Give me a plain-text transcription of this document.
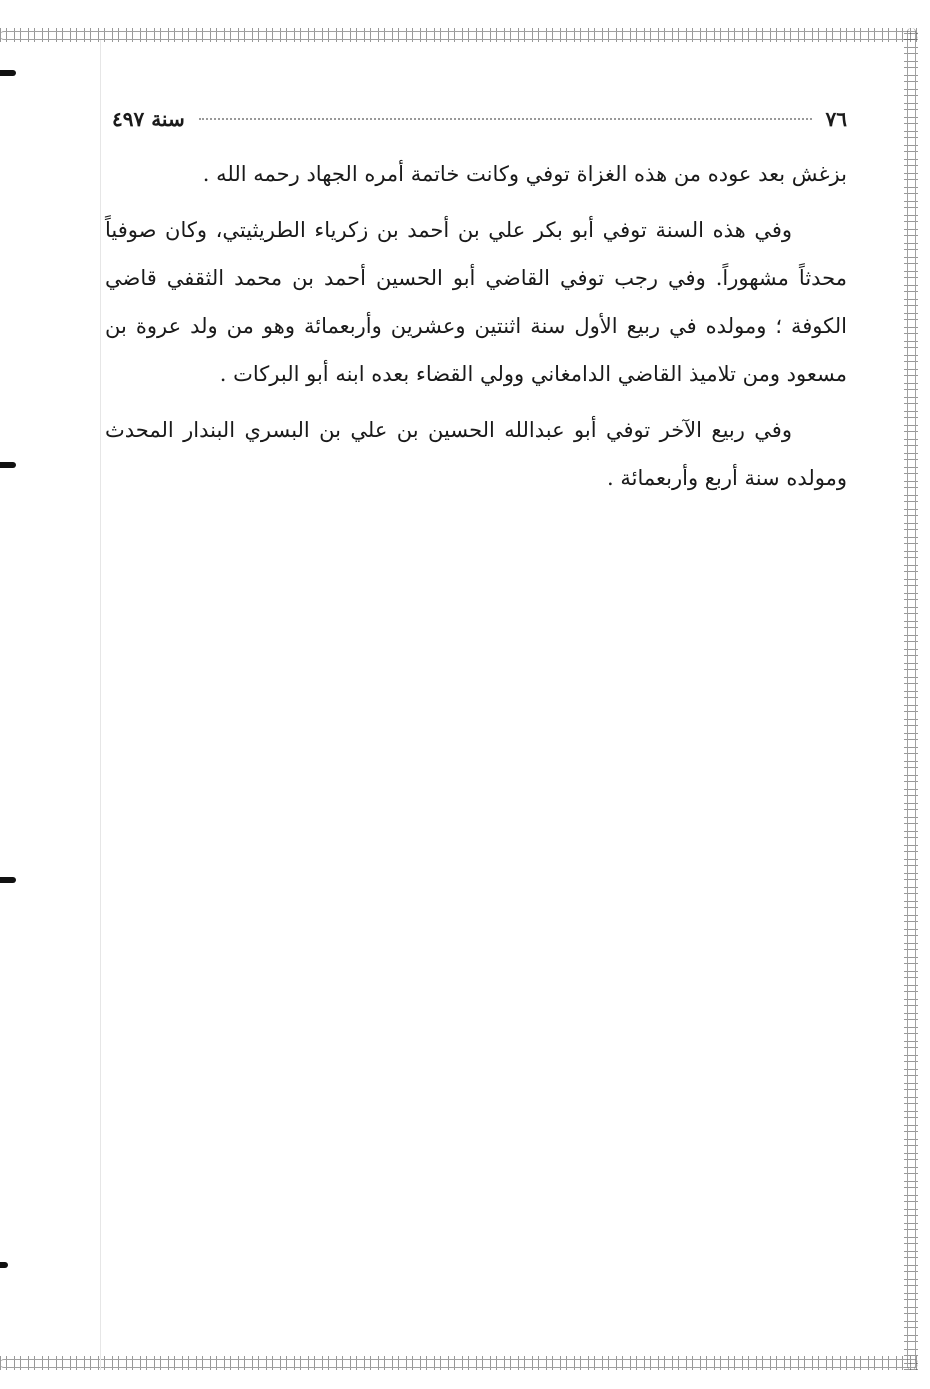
٧٦
سنة ٤٩٧

بزغش بعد عوده من هذه الغزاة توفي وكانت خاتمة أمره الجهاد رحمه الله .

وفي هذه السنة توفي أبو بكر علي بن أحمد بن زكرياء الطريثيتي، وكان صوفياً محدثاً مشهوراً. وفي رجب توفي القاضي أبو الحسين أحمد بن محمد الثقفي قاضي الكوفة ؛ ومولده في ربيع الأول سنة اثنتين وعشرين وأربعمائة وهو من ولد عروة بن مسعود ومن تلاميذ القاضي الدامغاني وولي القضاء بعده ابنه أبو البركات .

وفي ربيع الآخر توفي أبو عبدالله الحسين بن علي بن البسري البندار المحدث ومولده سنة أربع وأربعمائة .
